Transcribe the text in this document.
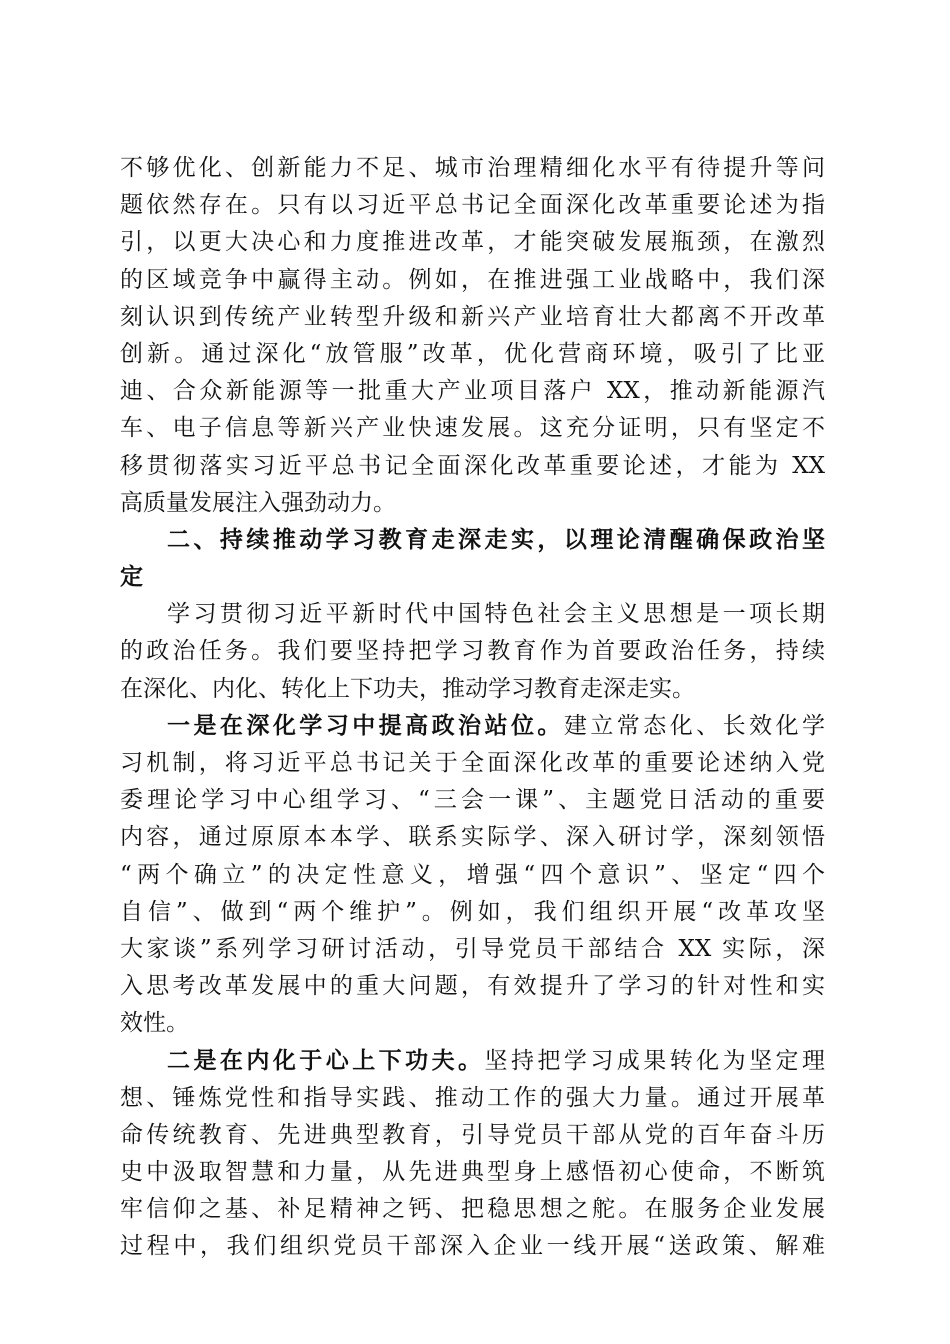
不够优化、创新能力不足、城市治理精细化水平有待提升等问
题依然存在。只有以习近平总书记全面深化改革重要论述为指
引，以更大决心和力度推进改革，才能突破发展瓶颈，在激烈
的区域竞争中赢得主动。例如，在推进强工业战略中，我们深
刻认识到传统产业转型升级和新兴产业培育壮大都离不开改革
创新。通过深化“放管服”改革，优化营商环境，吸引了比亚
迪、合众新能源等一批重大产业项目落户 XX，推动新能源汽
车、电子信息等新兴产业快速发展。这充分证明，只有坚定不
移贯彻落实习近平总书记全面深化改革重要论述，才能为 XX
高质量发展注入强劲动力。
二、持续推动学习教育走深走实，以理论清醒确保政治坚
定
学习贯彻习近平新时代中国特色社会主义思想是一项长期
的政治任务。我们要坚持把学习教育作为首要政治任务，持续
在深化、内化、转化上下功夫，推动学习教育走深走实。
一是在深化学习中提高政治站位。建立常态化、长效化学
习机制，将习近平总书记关于全面深化改革的重要论述纳入党
委理论学习中心组学习、“三会一课”、主题党日活动的重要
内容，通过原原本本学、联系实际学、深入研讨学，深刻领悟
“两个确立”的决定性意义，增强“四个意识”、坚定“四个
自信”、做到“两个维护”。例如，我们组织开展“改革攻坚
大家谈”系列学习研讨活动，引导党员干部结合 XX 实际，深
入思考改革发展中的重大问题，有效提升了学习的针对性和实
效性。
二是在内化于心上下功夫。坚持把学习成果转化为坚定理
想、锤炼党性和指导实践、推动工作的强大力量。通过开展革
命传统教育、先进典型教育，引导党员干部从党的百年奋斗历
史中汲取智慧和力量，从先进典型身上感悟初心使命，不断筑
牢信仰之基、补足精神之钙、把稳思想之舵。在服务企业发展
过程中，我们组织党员干部深入企业一线开展“送政策、解难
